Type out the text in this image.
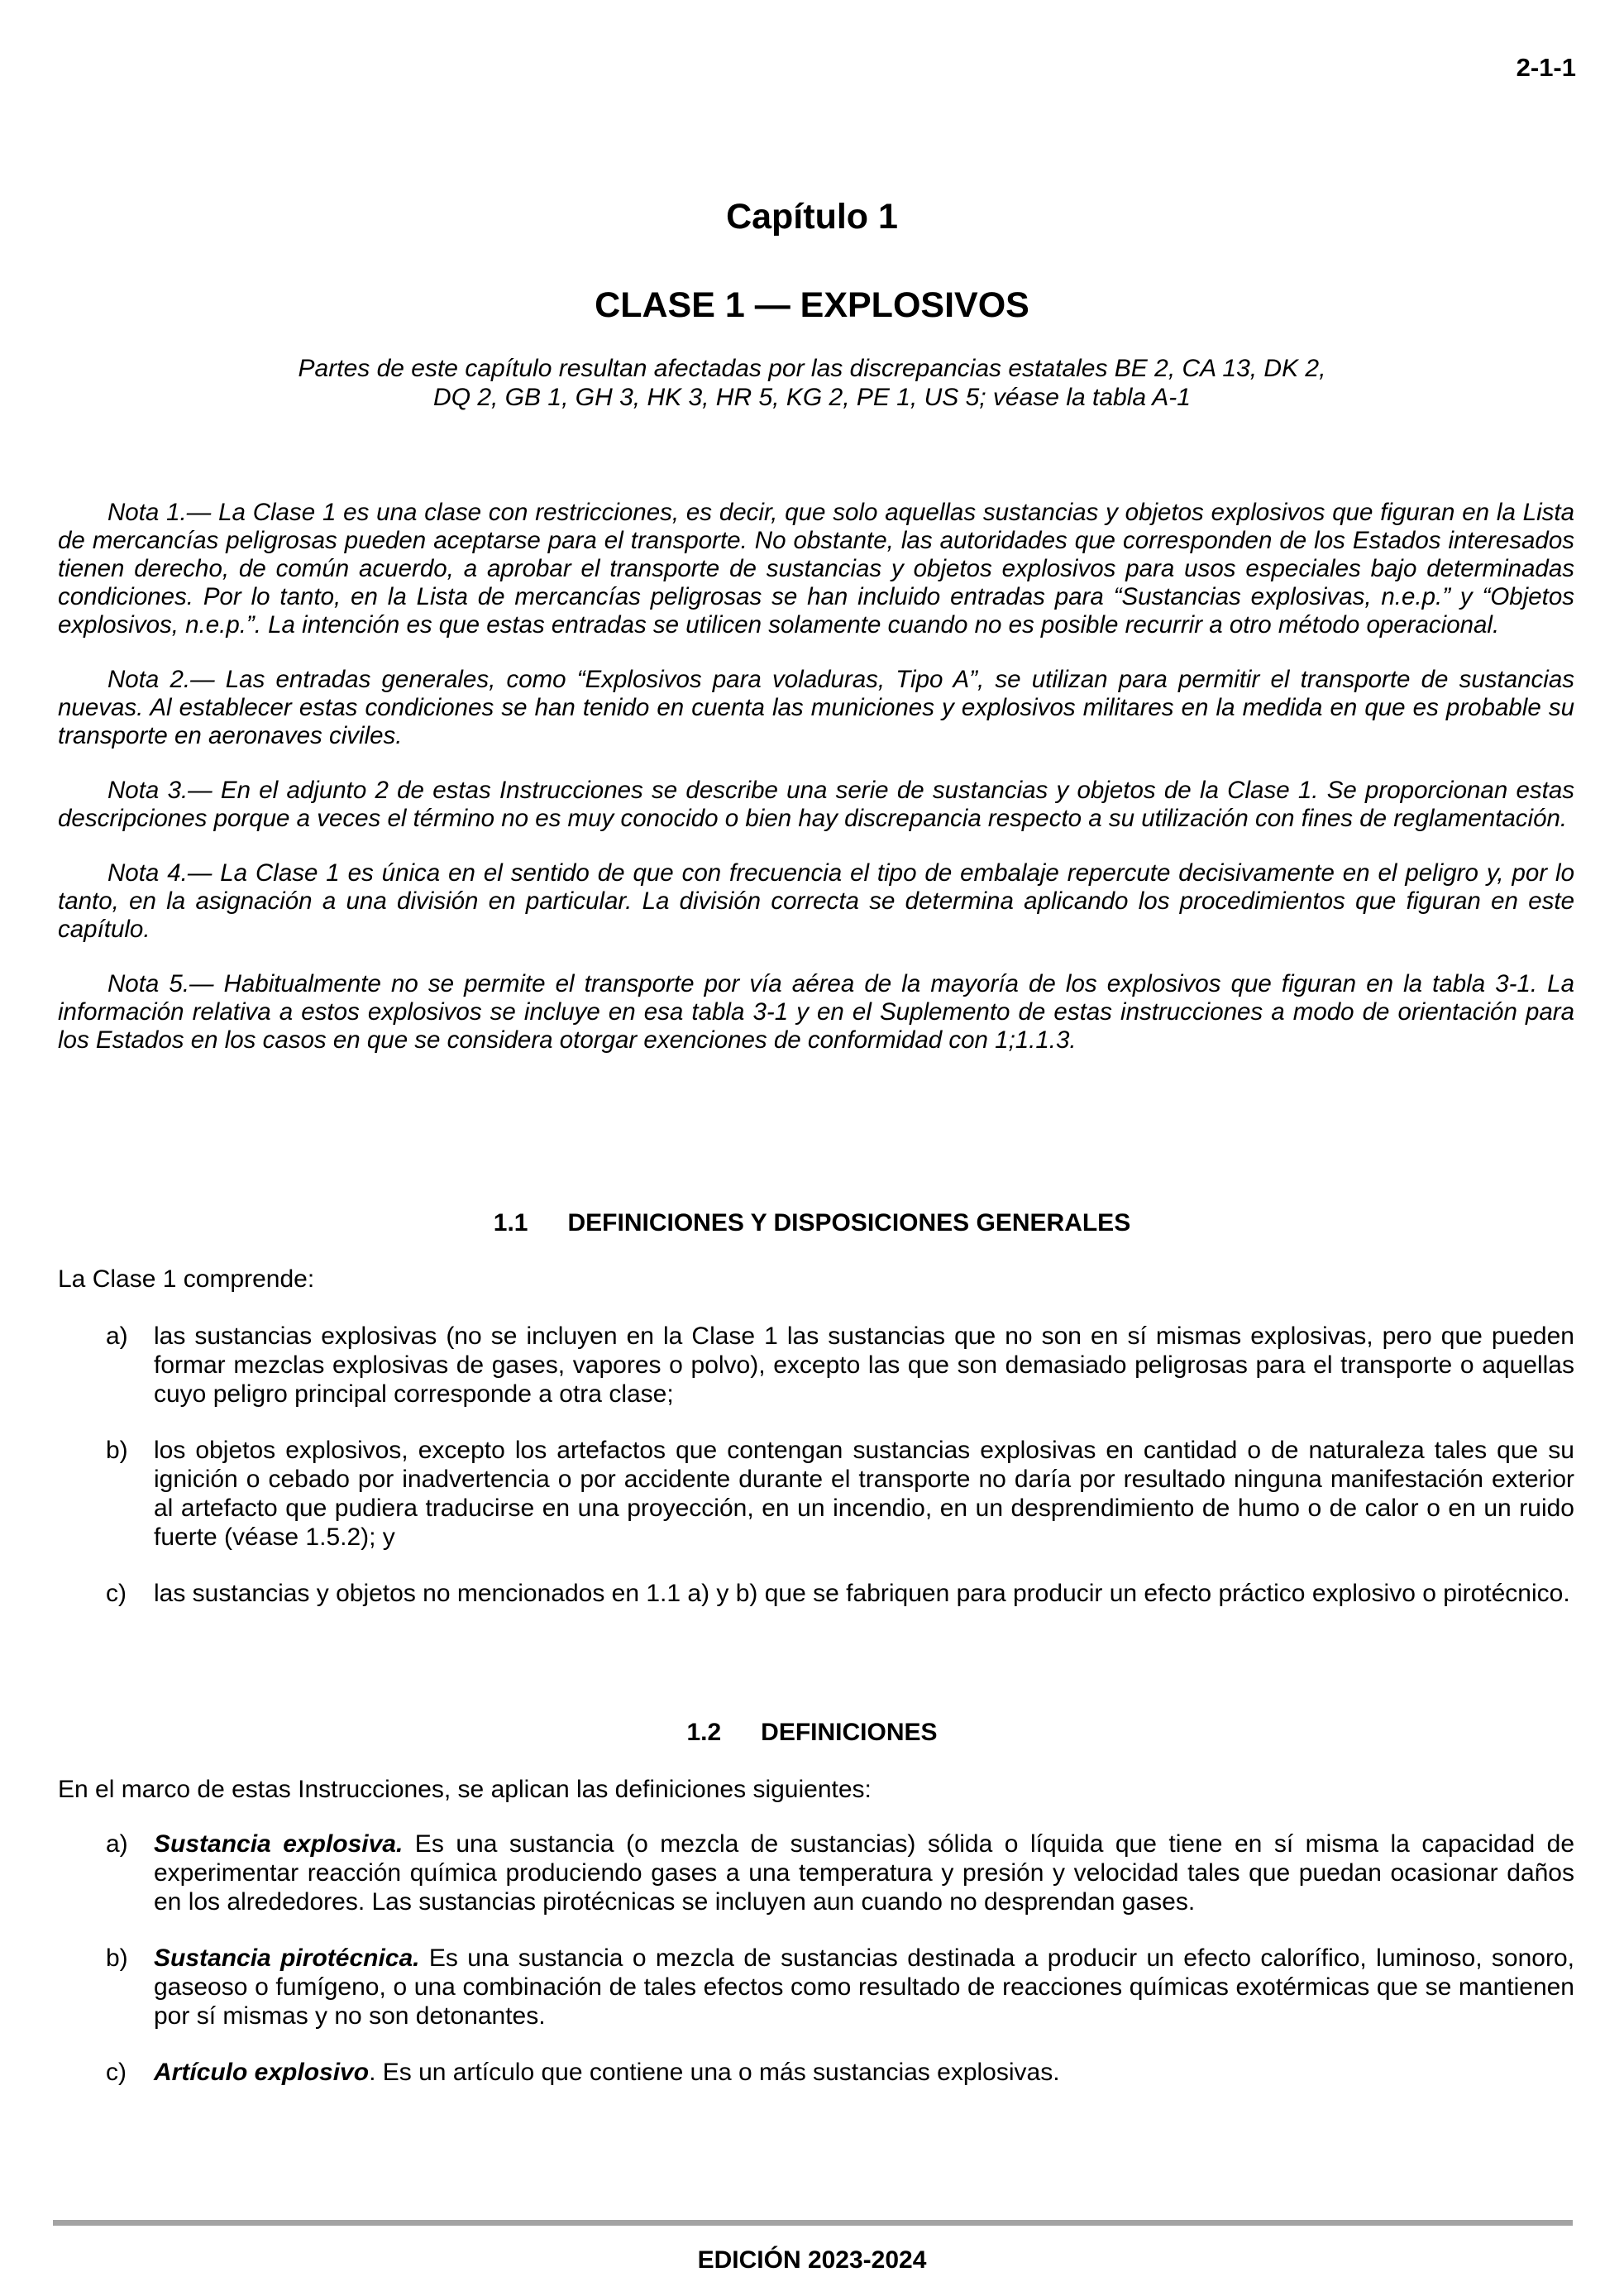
2-1-1
Capítulo 1
CLASE 1 — EXPLOSIVOS
Partes de este capítulo resultan afectadas por las discrepancias estatales BE 2, CA 13, DK 2,
DQ 2, GB 1, GH 3, HK 3, HR 5, KG 2, PE 1, US 5; véase la tabla A-1

Nota 1.— La Clase 1 es una clase con restricciones, es decir, que solo aquellas sustancias y objetos explosivos que figuran en la Lista de mercancías peligrosas pueden aceptarse para el transporte. No obstante, las autoridades que corresponden de los Estados interesados tienen derecho, de común acuerdo, a aprobar el transporte de sustancias y objetos explosivos para usos especiales bajo determinadas condiciones. Por lo tanto, en la Lista de mercancías peligrosas se han incluido entradas para “Sustancias explosivas, n.e.p.” y “Objetos explosivos, n.e.p.”. La intención es que estas entradas se utilicen solamente cuando no es posible recurrir a otro método operacional.

Nota 2.— Las entradas generales, como “Explosivos para voladuras, Tipo A”, se utilizan para permitir el transporte de sustancias nuevas. Al establecer estas condiciones se han tenido en cuenta las municiones y explosivos militares en la medida en que es probable su transporte en aeronaves civiles.

Nota 3.— En el adjunto 2 de estas Instrucciones se describe una serie de sustancias y objetos de la Clase 1. Se proporcionan estas descripciones porque a veces el término no es muy conocido o bien hay discrepancia respecto a su utilización con fines de reglamentación.

Nota 4.— La Clase 1 es única en el sentido de que con frecuencia el tipo de embalaje repercute decisivamente en el peligro y, por lo tanto, en la asignación a una división en particular. La división correcta se determina aplicando los procedimientos que figuran en este capítulo.

Nota 5.— Habitualmente no se permite el transporte por vía aérea de la mayoría de los explosivos que figuran en la tabla 3-1. La información relativa a estos explosivos se incluye en esa tabla 3-1 y en el Suplemento de estas instrucciones a modo de orientación para los Estados en los casos en que se considera otorgar exenciones de conformidad con 1;1.1.3.

1.1 DEFINICIONES Y DISPOSICIONES GENERALES
La Clase 1 comprende:
a)	las sustancias explosivas (no se incluyen en la Clase 1 las sustancias que no son en sí mismas explosivas, pero que pueden formar mezclas explosivas de gases, vapores o polvo), excepto las que son demasiado peligrosas para el transporte o aquellas cuyo peligro principal corresponde a otra clase;
b)	los objetos explosivos, excepto los artefactos que contengan sustancias explosivas en cantidad o de naturaleza tales que su ignición o cebado por inadvertencia o por accidente durante el transporte no daría por resultado ninguna manifestación exterior al artefacto que pudiera traducirse en una proyección, en un incendio, en un desprendimiento de humo o de calor o en un ruido fuerte (véase 1.5.2); y
c)	las sustancias y objetos no mencionados en 1.1 a) y b) que se fabriquen para producir un efecto práctico explosivo o pirotécnico.
1.2 DEFINICIONES
En el marco de estas Instrucciones, se aplican las definiciones siguientes:
a)	Sustancia explosiva. Es una sustancia (o mezcla de sustancias) sólida o líquida que tiene en sí misma la capacidad de experimentar reacción química produciendo gases a una temperatura y presión y velocidad tales que puedan ocasionar daños en los alrededores. Las sustancias pirotécnicas se incluyen aun cuando no desprendan gases.
b)	Sustancia pirotécnica. Es una sustancia o mezcla de sustancias destinada a producir un efecto calorífico, luminoso, sonoro, gaseoso o fumígeno, o una combinación de tales efectos como resultado de reacciones químicas exotérmicas que se mantienen por sí mismas y no son detonantes.
c)	Artículo explosivo. Es un artículo que contiene una o más sustancias explosivas.
EDICIÓN 2023-2024
